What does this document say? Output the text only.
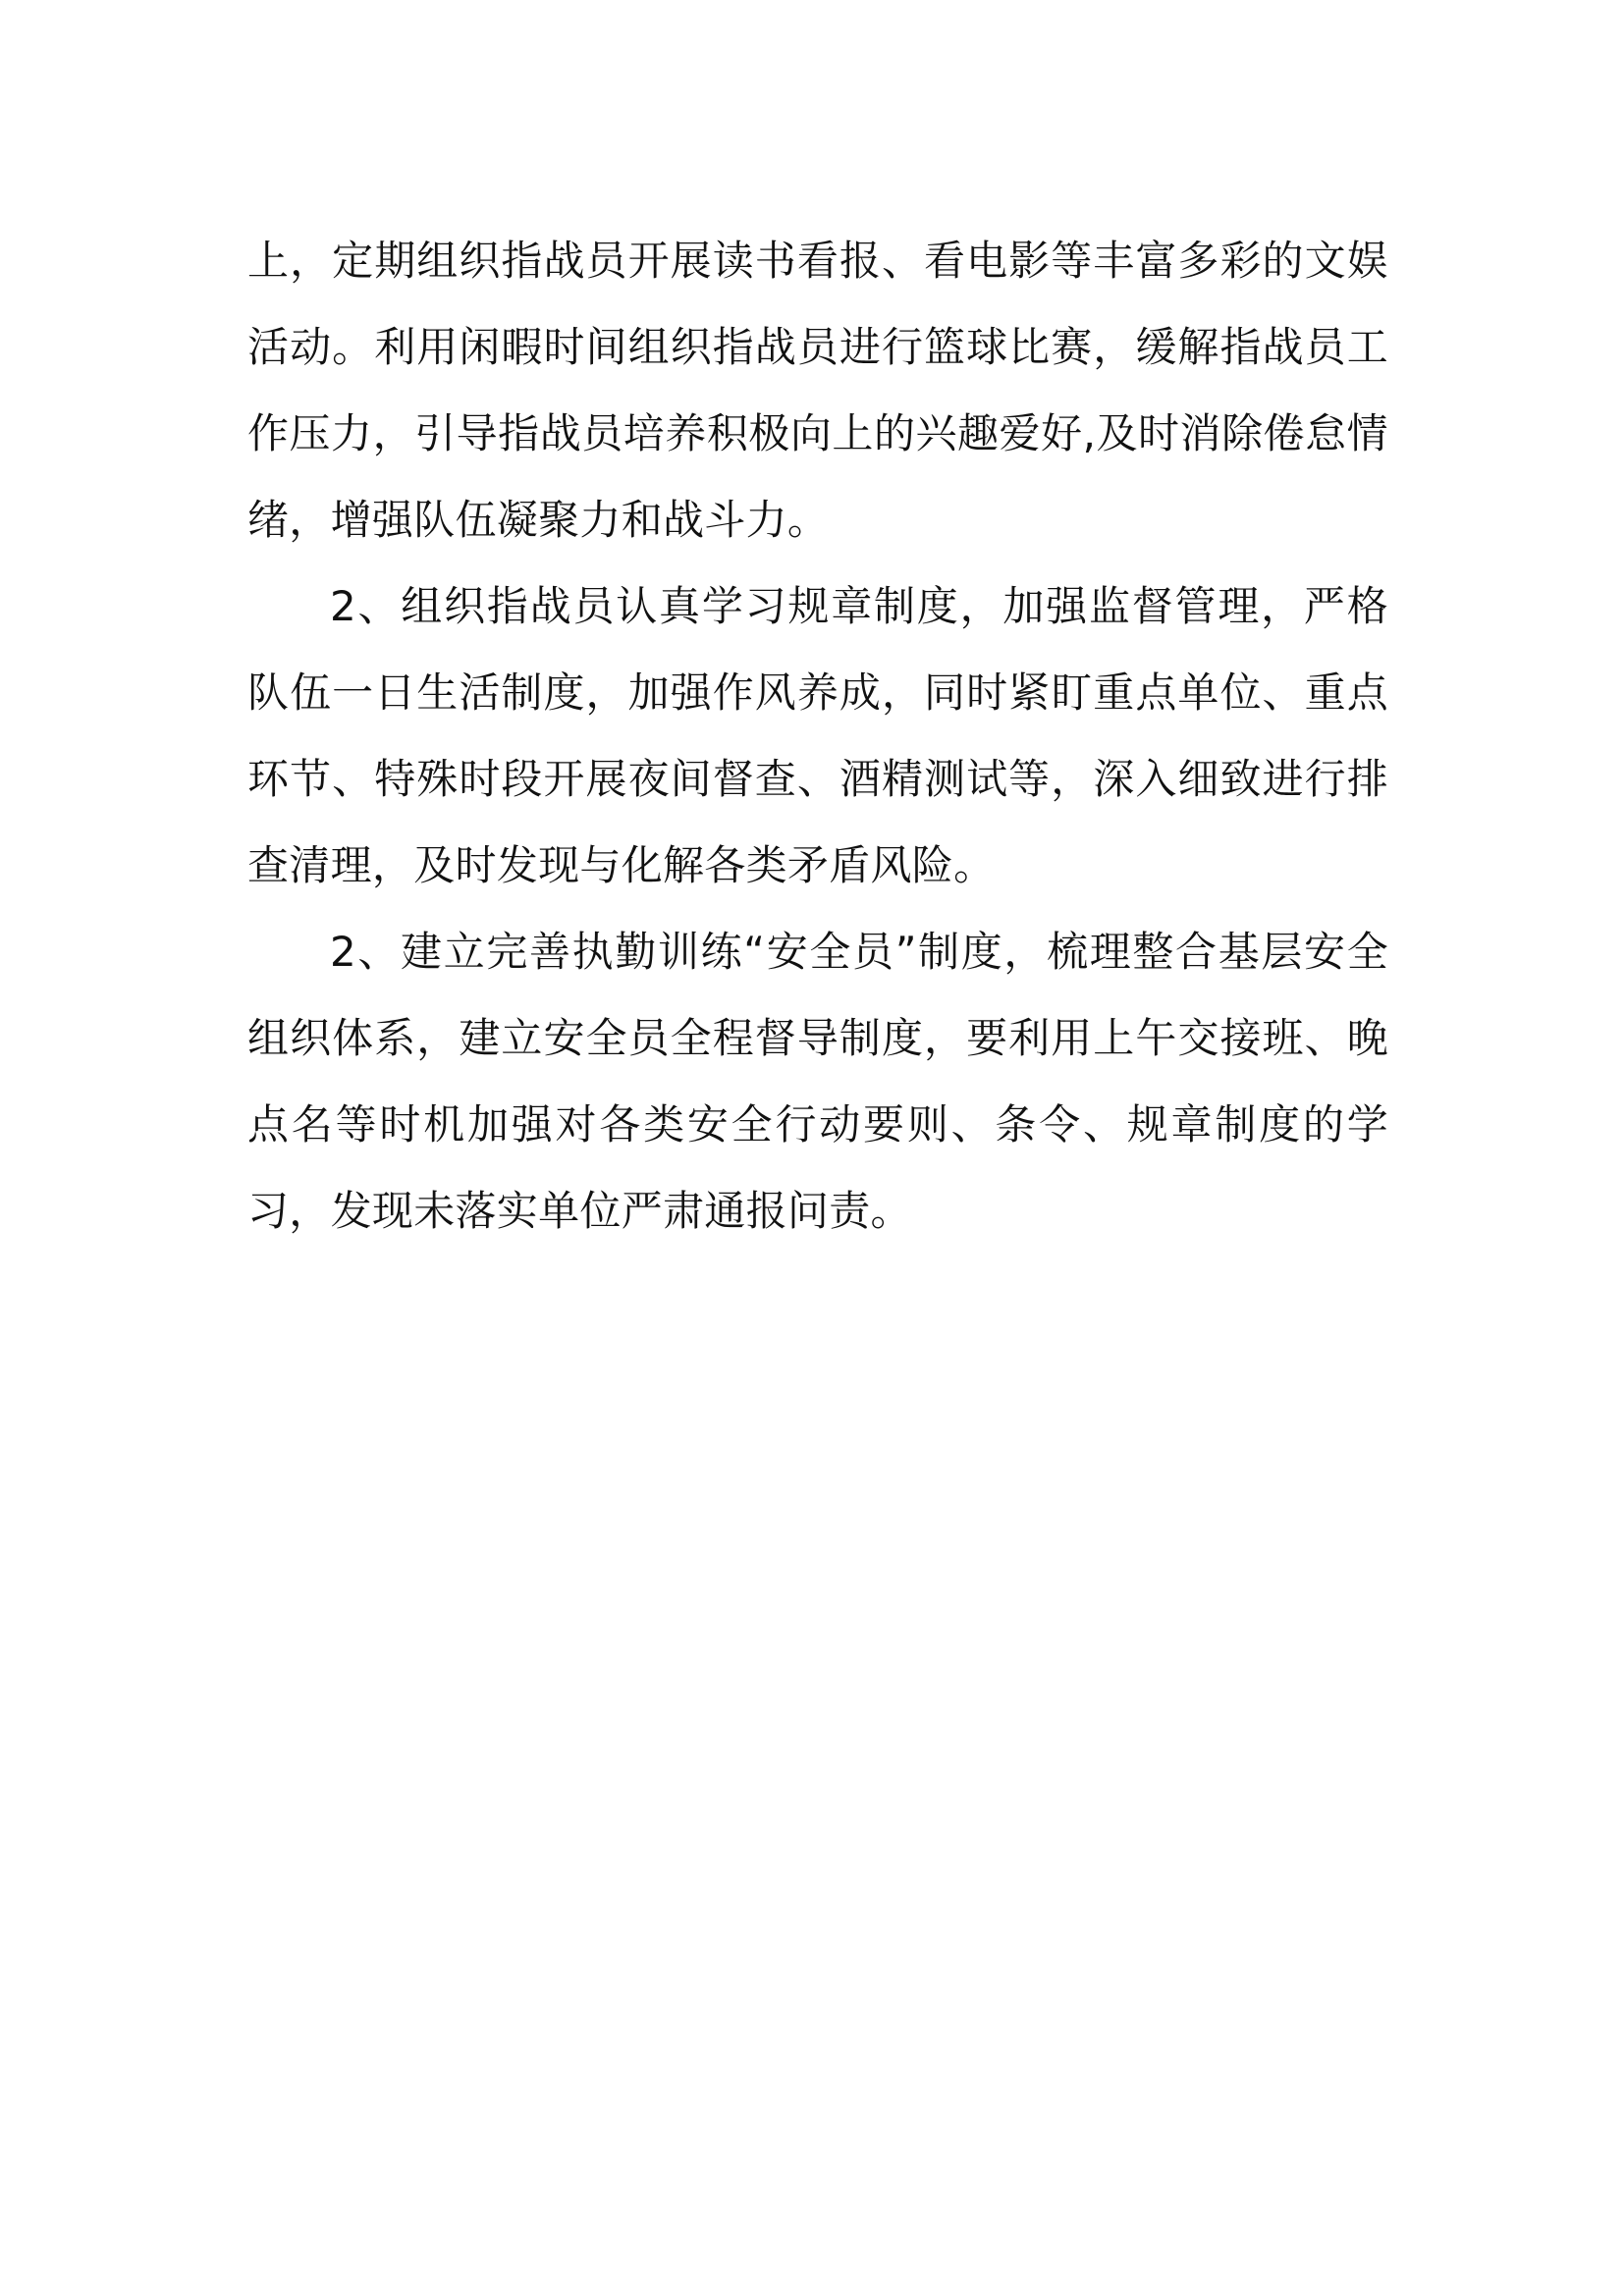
上，定期组织指战员开展读书看报、看电影等丰富多彩的文娱活动。利用闲暇时间组织指战员进行篮球比赛，缓解指战员工作压力，引导指战员培养积极向上的兴趣爱好,及时消除倦怠情绪，增强队伍凝聚力和战斗力。

2、组织指战员认真学习规章制度，加强监督管理，严格队伍一日生活制度，加强作风养成，同时紧盯重点单位、重点环节、特殊时段开展夜间督查、酒精测试等，深入细致进行排查清理，及时发现与化解各类矛盾风险。

2、建立完善执勤训练“安全员”制度，梳理整合基层安全组织体系，建立安全员全程督导制度，要利用上午交接班、晚点名等时机加强对各类安全行动要则、条令、规章制度的学习，发现未落实单位严肃通报问责。
